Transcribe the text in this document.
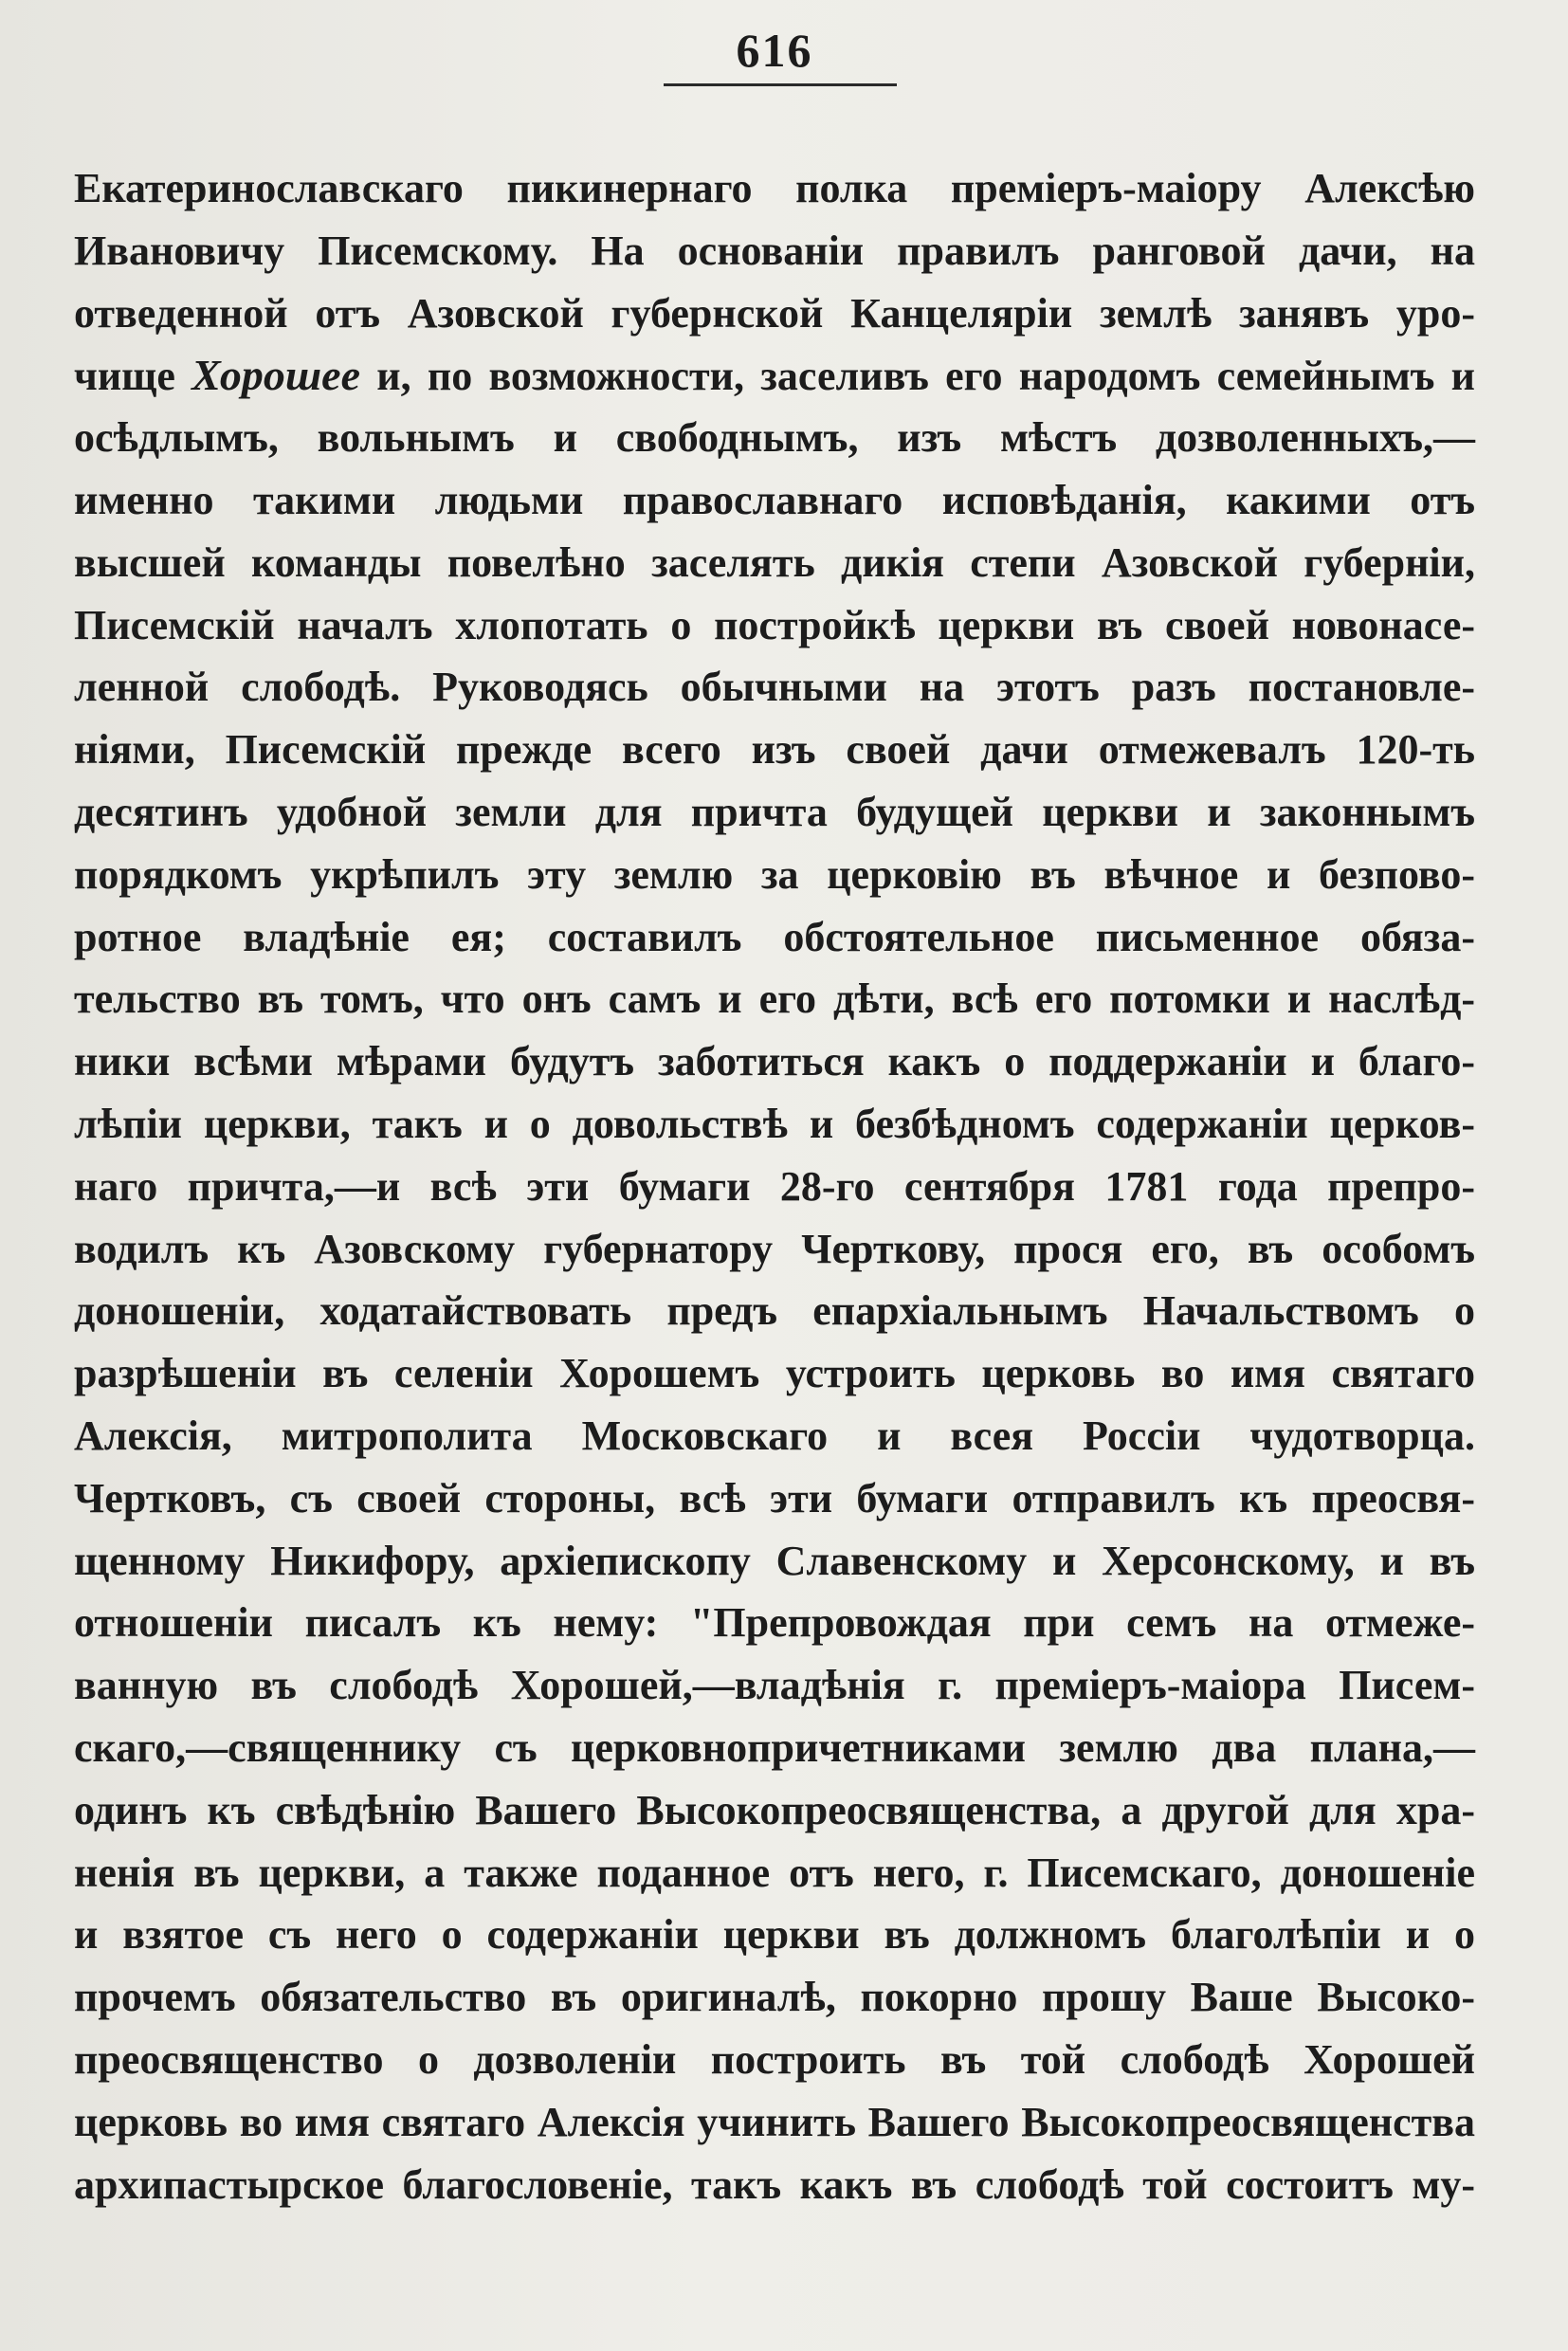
616
Екатеринославскаго пикинернаго полка премiеръ-маiору Алексѣю
Ивановичу Писемскому. На основанiи правилъ ранговой дачи, на
отведенной отъ Азовской губернской Канцелярiи землѣ занявъ уро-
чище Хорошее и, по возможности, заселивъ его народомъ семейнымъ и
осѣдлымъ, вольнымъ и свободнымъ, изъ мѣстъ дозволенныхъ,—
именно такими людьми православнаго исповѣданiя, какими отъ
высшей команды повелѣно заселять дикiя степи Азовской губернiи,
Писемскiй началъ хлопотать о постройкѣ церкви въ своей новонасе-
ленной слободѣ. Руководясь обычными на этотъ разъ постановле-
нiями, Писемскiй прежде всего изъ своей дачи отмежевалъ 120-ть
десятинъ удобной земли для причта будущей церкви и законнымъ
порядкомъ укрѣпилъ эту землю за церковiю въ вѣчное и безпово-
ротное владѣнiе ея; составилъ обстоятельное письменное обяза-
тельство въ томъ, что онъ самъ и его дѣти, всѣ его потомки и наслѣд-
ники всѣми мѣрами будутъ заботиться какъ о поддержанiи и благо-
лѣпiи церкви, такъ и о довольствѣ и безбѣдномъ содержанiи церков-
наго причта,—и всѣ эти бумаги 28-го сентября 1781 года препро-
водилъ къ Азовскому губернатору Черткову, прося его, въ особомъ
доношенiи, ходатайствовать предъ епархiальнымъ Начальствомъ о
разрѣшенiи въ селенiи Хорошемъ устроить церковь во имя святаго
Алексiя, митрополита Московскаго и всея Россiи чудотворца.
Чертковъ, съ своей стороны, всѣ эти бумаги отправилъ къ преосвя-
щенному Никифору, архiепископу Славенскому и Херсонскому, и въ
отношенiи писалъ къ нему: "Препровождая при семъ на отмеже-
ванную въ слободѣ Хорошей,—владѣнiя г. премiеръ-маiора Писем-
скаго,—священнику съ церковнопричетниками землю два плана,—
одинъ къ свѣдѣнiю Вашего Высокопреосвященства, а другой для хра-
ненiя въ церкви, а также поданное отъ него, г. Писемскаго, доношенiе
и взятое съ него о содержанiи церкви въ должномъ благолѣпiи и о
прочемъ обязательство въ оригиналѣ, покорно прошу Ваше Высоко-
преосвященство о дозволенiи построить въ той слободѣ Хорошей
церковь во имя святаго Алексiя учинить Вашего Высокопреосвященства
архипастырское благословенiе, такъ какъ въ слободѣ той состоитъ му-
